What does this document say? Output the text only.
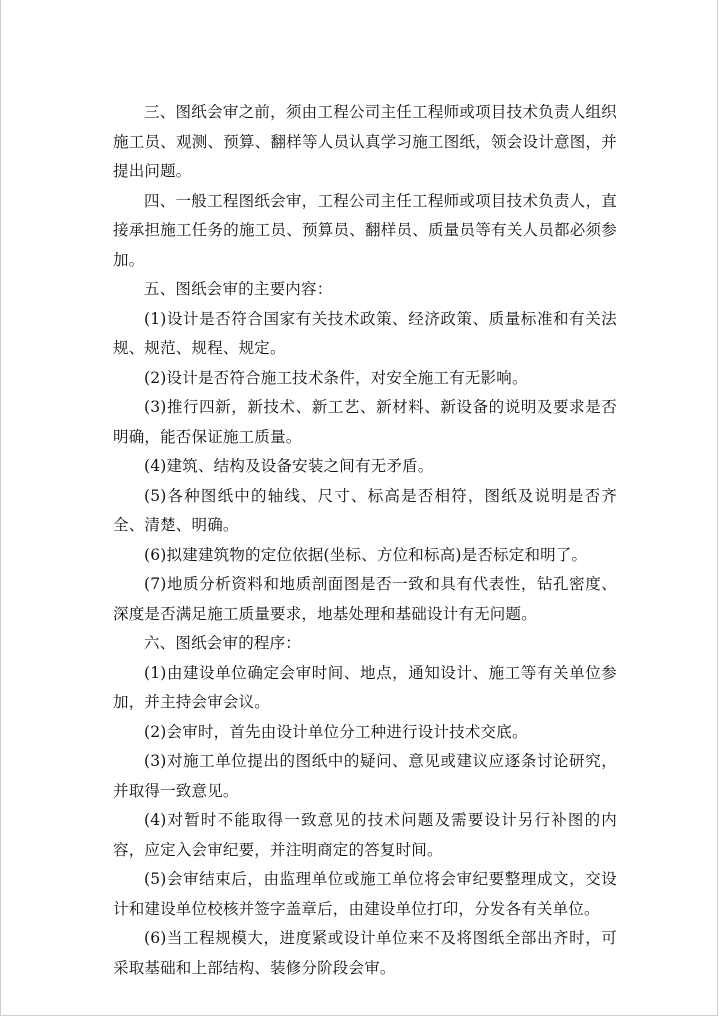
三、图纸会审之前，须由工程公司主任工程师或项目技术负责人组织施工员、观测、预算、翻样等人员认真学习施工图纸，领会设计意图，并提出问题。

四、一般工程图纸会审，工程公司主任工程师或项目技术负责人，直接承担施工任务的施工员、预算员、翻样员、质量员等有关人员都必须参加。

五、图纸会审的主要内容：

(1)设计是否符合国家有关技术政策、经济政策、质量标准和有关法规、规范、规程、规定。

(2)设计是否符合施工技术条件，对安全施工有无影响。

(3)推行四新，新技术、新工艺、新材料、新设备的说明及要求是否明确，能否保证施工质量。

(4)建筑、结构及设备安装之间有无矛盾。

(5)各种图纸中的轴线、尺寸、标高是否相符，图纸及说明是否齐全、清楚、明确。

(6)拟建建筑物的定位依据(坐标、方位和标高)是否标定和明了。

(7)地质分析资料和地质剖面图是否一致和具有代表性，钻孔密度、深度是否满足施工质量要求，地基处理和基础设计有无问题。

六、图纸会审的程序：

(1)由建设单位确定会审时间、地点，通知设计、施工等有关单位参加，并主持会审会议。

(2)会审时，首先由设计单位分工种进行设计技术交底。

(3)对施工单位提出的图纸中的疑问、意见或建议应逐条讨论研究，并取得一致意见。

(4)对暂时不能取得一致意见的技术问题及需要设计另行补图的内容，应定入会审纪要，并注明商定的答复时间。

(5)会审结束后，由监理单位或施工单位将会审纪要整理成文，交设计和建设单位校核并签字盖章后，由建设单位打印，分发各有关单位。

(6)当工程规模大，进度紧或设计单位来不及将图纸全部出齐时，可采取基础和上部结构、装修分阶段会审。
